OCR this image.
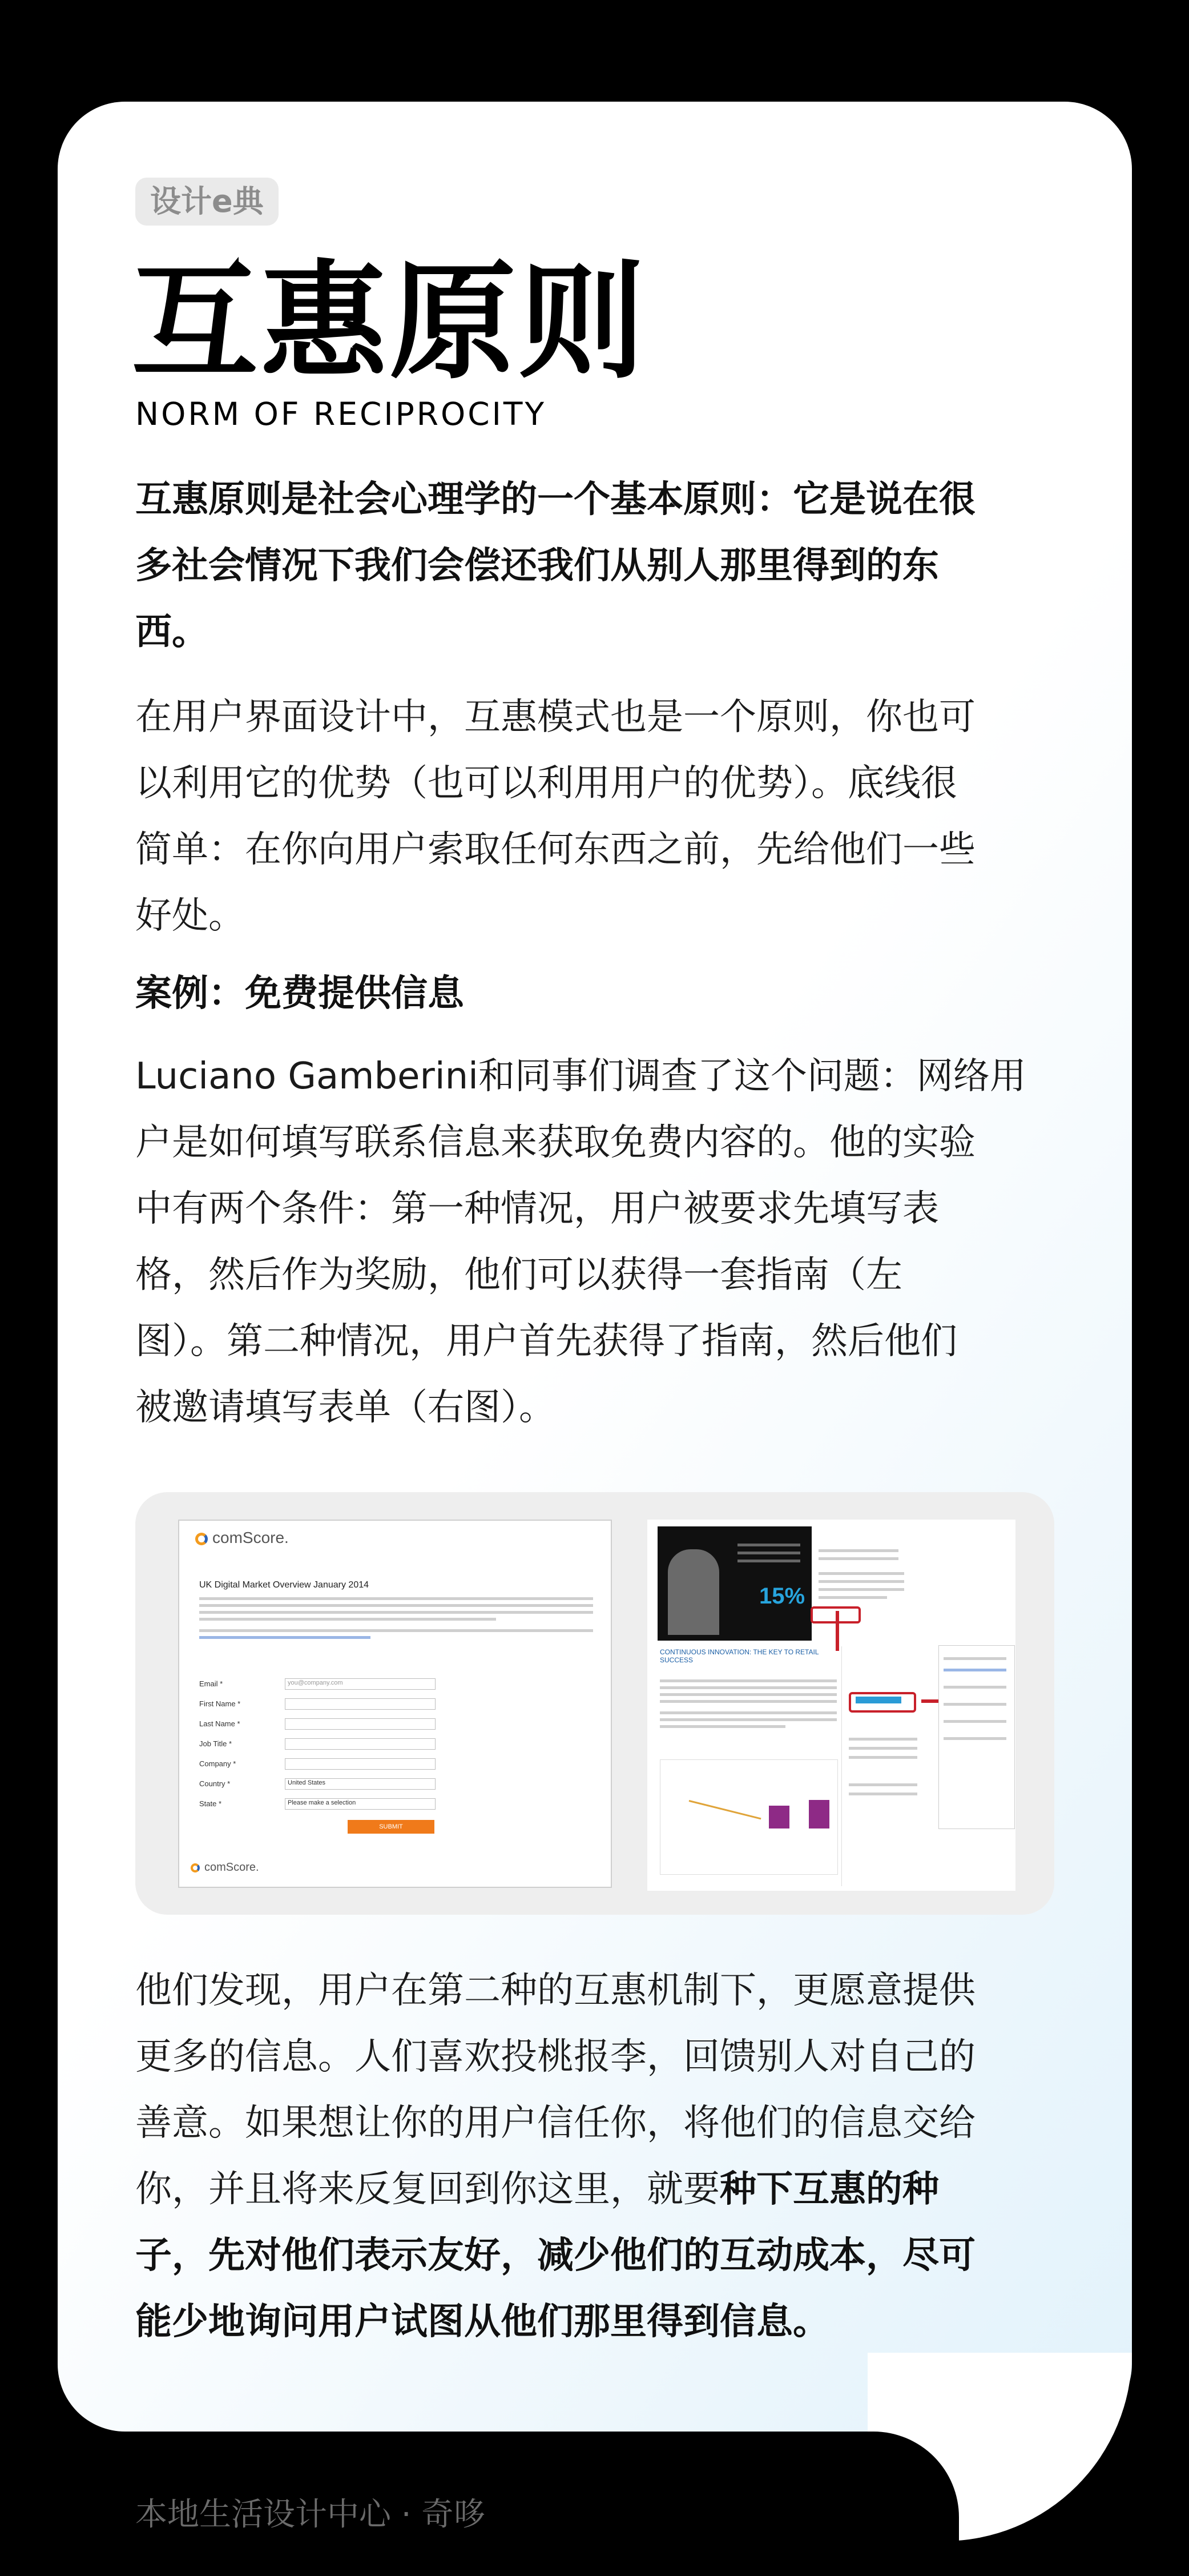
设计e典
互惠原则
NORM OF RECIPROCITY

互惠原则是社会心理学的一个基本原则：它是说在很
多社会情况下我们会偿还我们从别人那里得到的东
西。

在用户界面设计中，互惠模式也是一个原则，你也可
以利用它的优势（也可以利用用户的优势）。底线很
简单：在你向用户索取任何东西之前，先给他们一些
好处。

案例：免费提供信息

Luciano Gamberini和同事们调查了这个问题：网络用
户是如何填写联系信息来获取免费内容的。他的实验
中有两个条件：第一种情况，用户被要求先填写表
格，然后作为奖励，他们可以获得一套指南（左
图）。第二种情况，用户首先获得了指南，然后他们
被邀请填写表单（右图）。

comScore.
UK Digital Market Overview January 2014
Email *	you@company.com
First Name *
Last Name *
Job Title *
Company *
Country *	United States
State *	Please make a selection
SUBMIT
comScore.
15%
CONTINUOUS INNOVATION: THE KEY TO RETAIL SUCCESS

他们发现，用户在第二种的互惠机制下，更愿意提供
更多的信息。人们喜欢投桃报李，回馈别人对自己的
善意。如果想让你的用户信任你，将他们的信息交给
你，并且将来反复回到你这里，就要种下互惠的种
子，先对他们表示友好，减少他们的互动成本，尽可
能少地询问用户试图从他们那里得到信息。

本地生活设计中心 · 奇哆
